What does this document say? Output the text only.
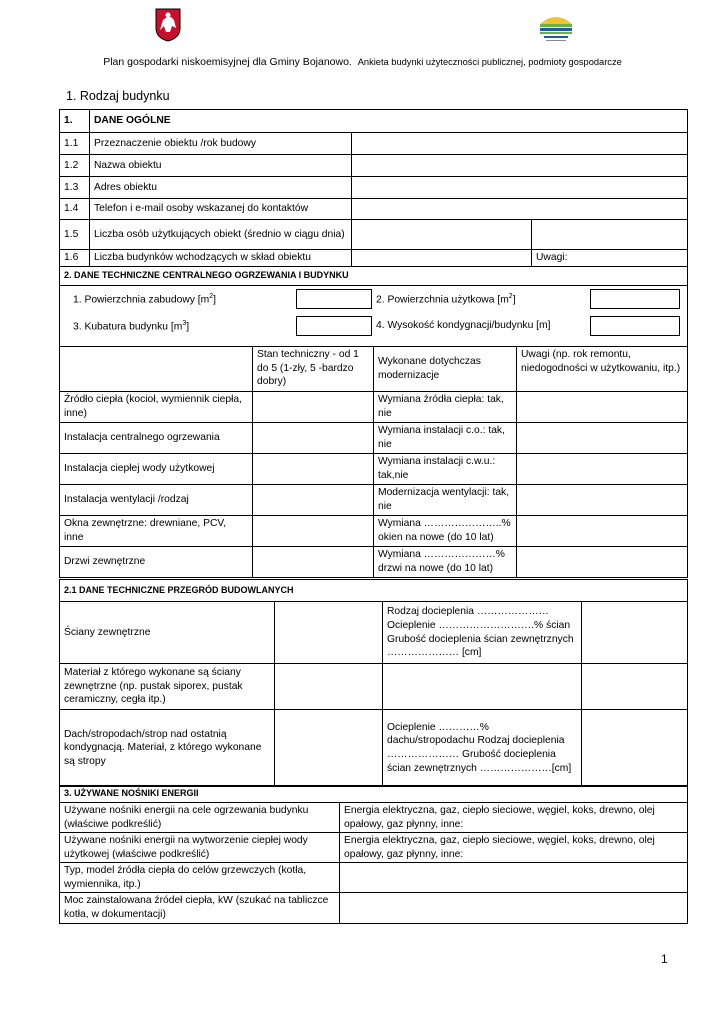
Plan gospodarki niskoemisyjnej dla Gminy Bojanowo. Ankieta budynki użyteczności publicznej, podmioty gospodarcze
1. Rodzaj budynku
1.	DANE OGÓLNE		
1.1	Przeznaczenie obiektu /rok budowy		
1.2	Nazwa obiektu		
1.3	Adres obiektu		
1.4	Telefon i e-mail osoby wskazanej do kontaktów		
1.5	Liczba osób użytkujących obiekt (średnio w ciągu dnia)		
1.6	Liczba budynków wchodzących w skład obiektu		Uwagi:
2. DANE TECHNICZNE CENTRALNEGO OGRZEWANIA I BUDYNKU			

1. Powierzchnia zabudowy $[m^2]$ 2. Powierzchnia użytkowa $[m^2]$
3. Kubatura budynku $[m^3]$ 4. Wysokość kondygnacji/budynku [m]			

	Stan techniczny - od 1 do 5 (1-zły, 5 -bardzo dobry)	Wykonane dotychczas modernizacje	Uwagi (np. rok remontu, niedogodności w użytkowaniu, itp.)
Źródło ciepła (kocioł, wymiennik ciepła, inne)		Wymiana źródła ciepła: tak, nie	
Instalacja centralnego ogrzewania		Wymiana instalacji c.o.: tak, nie	
Instalacja ciepłej wody użytkowej		Wymiana instalacji c.w.u.: tak,nie	
Instalacja wentylacji /rodzaj		Modernizacja wentylacji: tak, nie	
Okna zewnętrzne: drewniane, PCV, inne		Wymiana …………………..% okien na nowe (do 10 lat)	
Drzwi zewnętrzne		Wymiana …………………% drzwi na nowe (do 10 lat)	
2.1 DANE TECHNICZNE PRZEGRÓD BUDOWLANYCH			
Ściany zewnętrzne		Rodzaj docieplenia ………………… Ocieplenie ……………………….% ścian Grubość docieplenia ścian zewnętrznych ………………… [cm]	
Materiał z którego wykonane są ściany zewnętrzne (np. pustak siporex, pustak ceramiczny, cegła itp.)			
Dach/stropodach/strop nad ostatnią kondygnacją. Materiał, z którego wykonane są stropy		Ocieplenie …………% dachu/stropodachu Rodzaj docieplenia ………………… Grubość docieplenia ścian zewnętrznych …………………[cm]	
3. UŻYWANE NOŚNIKI ENERGII	
Używane nośniki energii na cele ogrzewania budynku (właściwe podkreślić)	Energia elektryczna, gaz, ciepło sieciowe, węgiel, koks, drewno, olej opałowy, gaz płynny, inne:
Używane nośniki energii na wytworzenie ciepłej wody użytkowej (właściwe podkreślić)	Energia elektryczna, gaz, ciepło sieciowe, węgiel, koks, drewno, olej opałowy, gaz płynny, inne:
Typ, model źródła ciepła do celów grzewczych (kotła, wymiennika, itp.)	
Moc zainstalowana źródeł ciepła, kW (szukać na tabliczce kotła, w dokumentacji)	
1
